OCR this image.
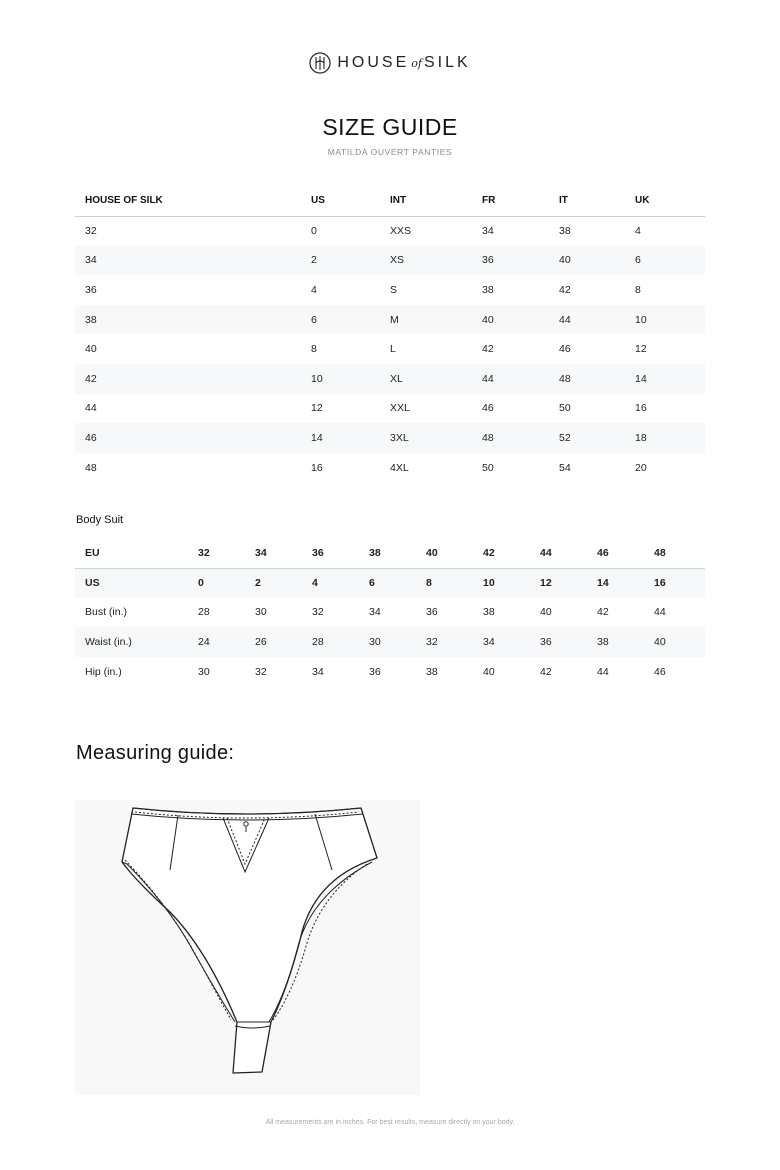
HOUSE of SILK
SIZE GUIDE
MATILDA OUVERT PANTIES
HOUSE OF SILK	US	INT	FR	IT	UK
32	0	XXS	34	38	4
34	2	XS	36	40	6
36	4	S	38	42	8
38	6	M	40	44	10
40	8	L	42	46	12
42	10	XL	44	48	14
44	12	XXL	46	50	16
46	14	3XL	48	52	18
48	16	4XL	50	54	20
Body Suit
EU	32	34	36	38	40	42	44	46	48
US	0	2	4	6	8	10	12	14	16
Bust (in.)	28	30	32	34	36	38	40	42	44
Waist (in.)	24	26	28	30	32	34	36	38	40
Hip (in.)	30	32	34	36	38	40	42	44	46
Measuring guide:
All measurements are in inches. For best results, measure directly on your body.
